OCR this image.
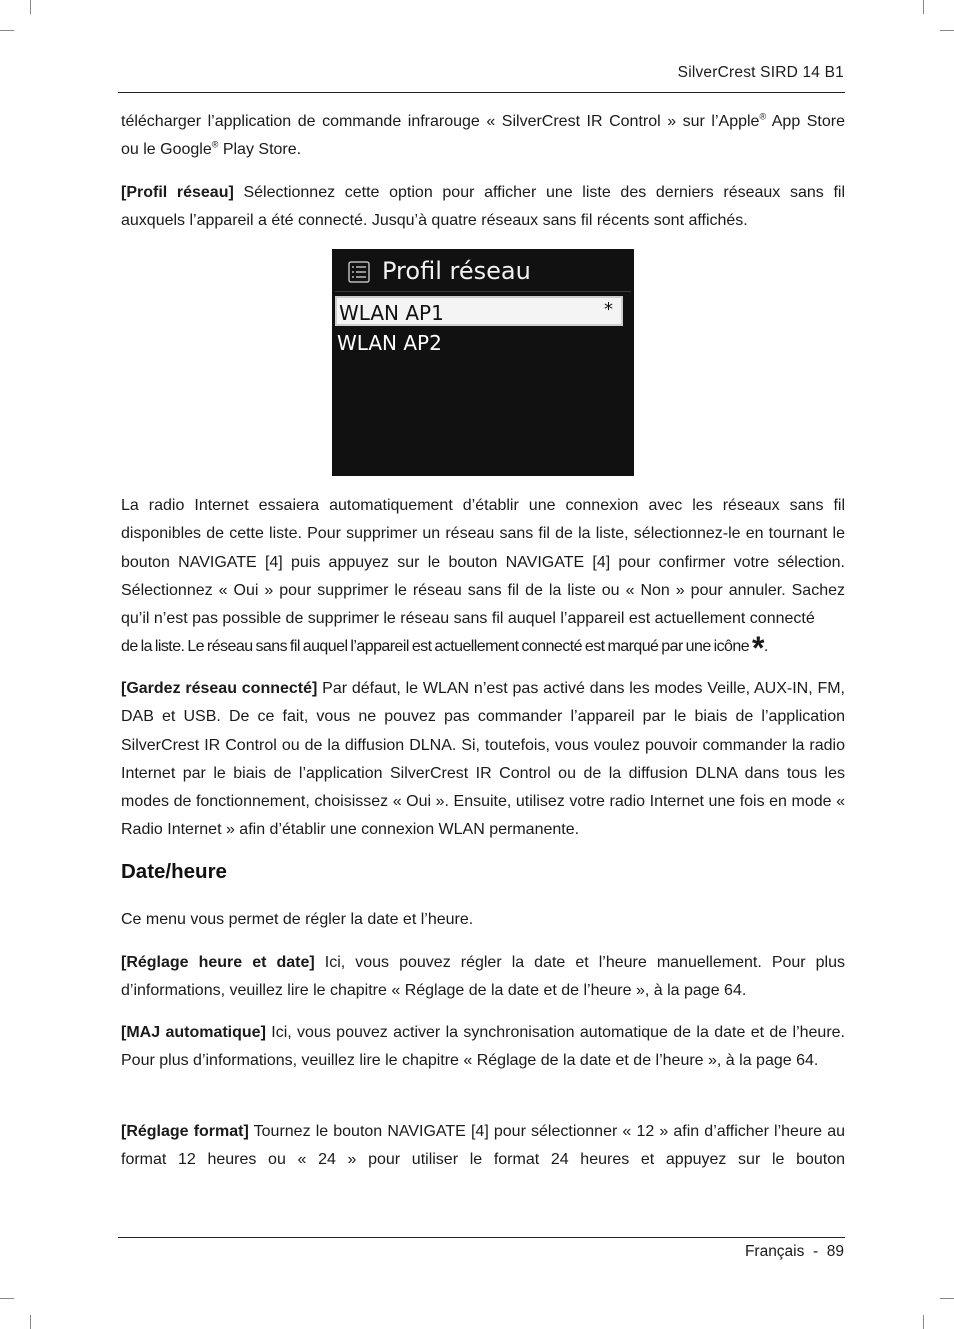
SilverCrest SIRD 14 B1

télécharger l’application de commande infrarouge « SilverCrest IR Control » sur l’Apple® App Store

ou le Google® Play Store.

[Profil réseau] Sélectionnez cette option pour afficher une liste des derniers réseaux sans fil auxquels l’appareil a été connecté. Jusqu’à quatre réseaux sans fil récents sont affichés.

Profil réseau
WLAN AP1	*
WLAN AP2

La radio Internet essaiera automatiquement d’établir une connexion avec les réseaux sans fil disponibles de cette liste. Pour supprimer un réseau sans fil de la liste, sélectionnez-le en tournant le bouton NAVIGATE [4] puis appuyez sur le bouton NAVIGATE [4] pour confirmer votre sélection. Sélectionnez « Oui » pour supprimer le réseau sans fil de la liste ou « Non » pour annuler. Sachez qu’il n’est pas possible de supprimer le réseau sans fil auquel l’appareil est actuellement connecté

de la liste. Le réseau sans fil auquel l’appareil est actuellement connecté est marqué par une icône *.

[Gardez réseau connecté] Par défaut, le WLAN n’est pas activé dans les modes Veille, AUX-IN, FM, DAB et USB. De ce fait, vous ne pouvez pas commander l’appareil par le biais de l’application SilverCrest IR Control ou de la diffusion DLNA. Si, toutefois, vous voulez pouvoir commander la radio Internet par le biais de l’application SilverCrest IR Control ou de la diffusion DLNA dans tous les modes de fonctionnement, choisissez « Oui ». Ensuite, utilisez votre radio Internet une fois en mode « Radio Internet » afin d’établir une connexion WLAN permanente.

Date/heure

Ce menu vous permet de régler la date et l’heure.

[Réglage heure et date] Ici, vous pouvez régler la date et l’heure manuellement. Pour plus d’informations, veuillez lire le chapitre « Réglage de la date et de l’heure », à la page 64.

[MAJ automatique] Ici, vous pouvez activer la synchronisation automatique de la date et de l’heure. Pour plus d’informations, veuillez lire le chapitre « Réglage de la date et de l’heure », à la page 64.

[Réglage format] Tournez le bouton NAVIGATE [4] pour sélectionner « 12 » afin d’afficher l’heure au format 12 heures ou « 24 » pour utiliser le format 24 heures et appuyez sur le bouton

Français  -  89
